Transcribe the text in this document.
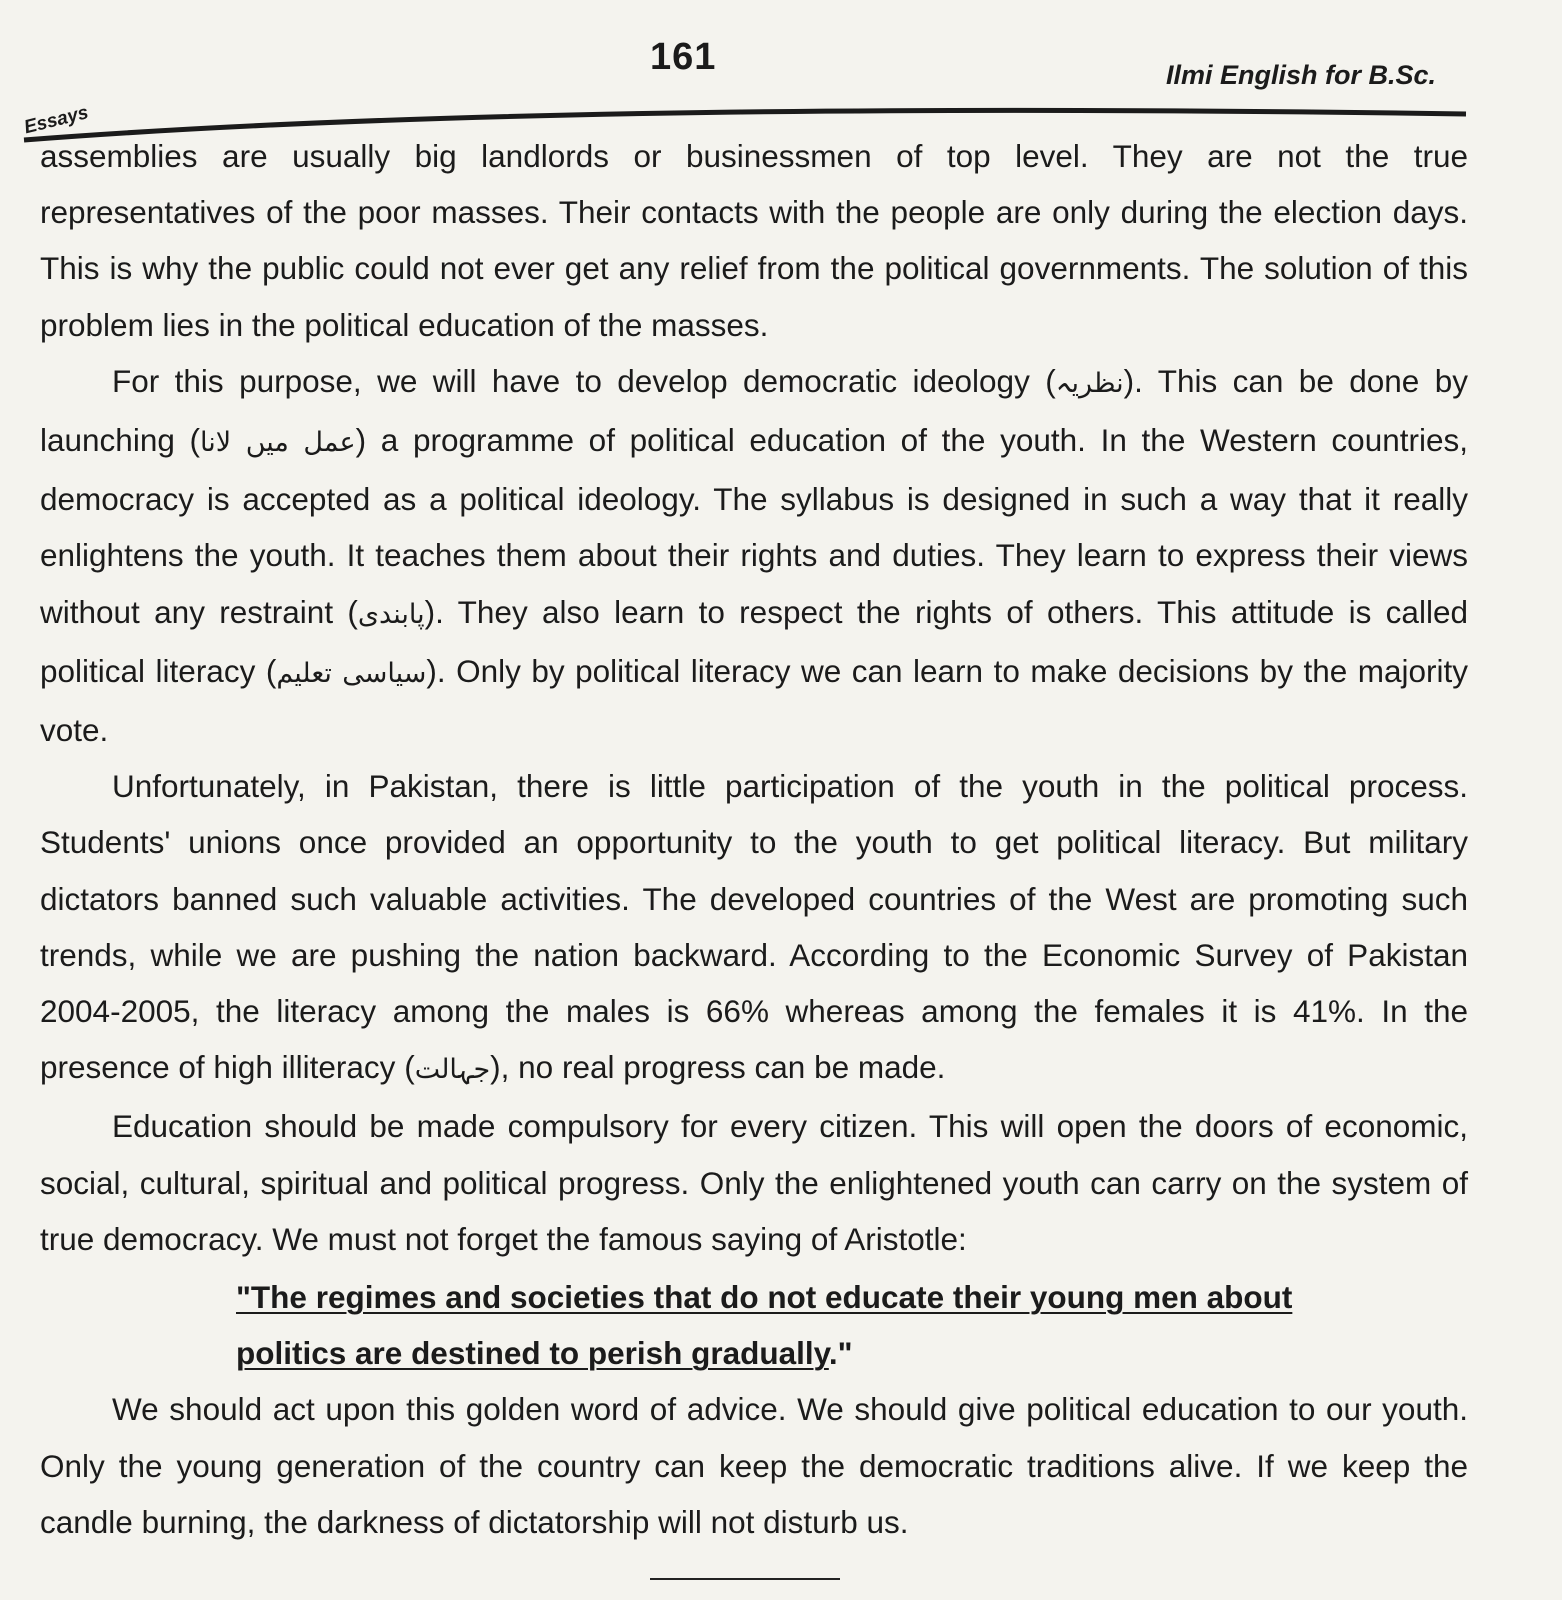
161	Ilmi English for B.Sc.
Essays

assemblies are usually big landlords or businessmen of top level. They are not the true representatives of the poor masses. Their contacts with the people are only during the election days. This is why the public could not ever get any relief from the political governments. The solution of this problem lies in the political education of the masses.

For this purpose, we will have to develop democratic ideology (نظریہ). This can be done by launching (عمل میں لانا) a programme of political education of the youth. In the Western countries, democracy is accepted as a political ideology. The syllabus is designed in such a way that it really enlightens the youth. It teaches them about their rights and duties. They learn to express their views without any restraint (پابندی). They also learn to respect the rights of others. This attitude is called political literacy (سیاسی تعلیم). Only by political literacy we can learn to make decisions by the majority vote.

Unfortunately, in Pakistan, there is little participation of the youth in the political process. Students' unions once provided an opportunity to the youth to get political literacy. But military dictators banned such valuable activities. The developed countries of the West are promoting such trends, while we are pushing the nation backward. According to the Economic Survey of Pakistan 2004-2005, the literacy among the males is 66% whereas among the females it is 41%. In the presence of high illiteracy (جہالت), no real progress can be made.

Education should be made compulsory for every citizen. This will open the doors of economic, social, cultural, spiritual and political progress. Only the enlightened youth can carry on the system of true democracy. We must not forget the famous saying of Aristotle:

"The regimes and societies that do not educate their young men about politics are destined to perish gradually."

We should act upon this golden word of advice. We should give political education to our youth. Only the young generation of the country can keep the democratic traditions alive. If we keep the candle burning, the darkness of dictatorship will not disturb us.
